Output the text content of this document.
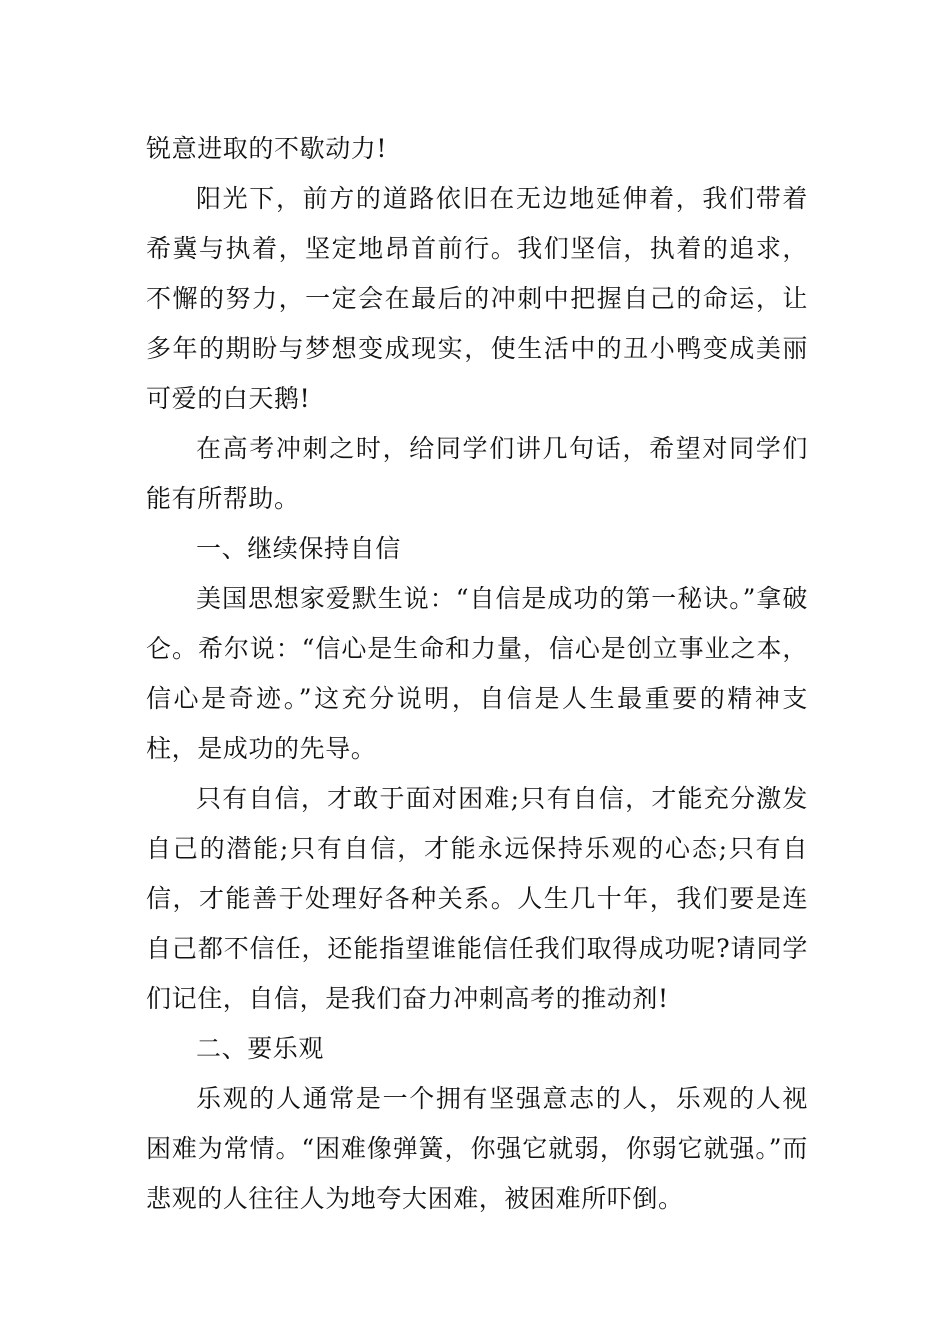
锐意进取的不歇动力!

阳光下，前方的道路依旧在无边地延伸着，我们带着希冀与执着，坚定地昂首前行。我们坚信，执着的追求，不懈的努力，一定会在最后的冲刺中把握自己的命运，让多年的期盼与梦想变成现实，使生活中的丑小鸭变成美丽可爱的白天鹅!

在高考冲刺之时，给同学们讲几句话，希望对同学们能有所帮助。

一、继续保持自信

美国思想家爱默生说：“自信是成功的第一秘诀。”拿破仑。希尔说：“信心是生命和力量，信心是创立事业之本，信心是奇迹。”这充分说明，自信是人生最重要的精神支柱，是成功的先导。

只有自信，才敢于面对困难;只有自信，才能充分激发自己的潜能;只有自信，才能永远保持乐观的心态;只有自信，才能善于处理好各种关系。人生几十年，我们要是连自己都不信任，还能指望谁能信任我们取得成功呢?请同学们记住，自信，是我们奋力冲刺高考的推动剂!

二、要乐观

乐观的人通常是一个拥有坚强意志的人，乐观的人视困难为常情。“困难像弹簧，你强它就弱，你弱它就强。”而悲观的人往往人为地夸大困难，被困难所吓倒。
